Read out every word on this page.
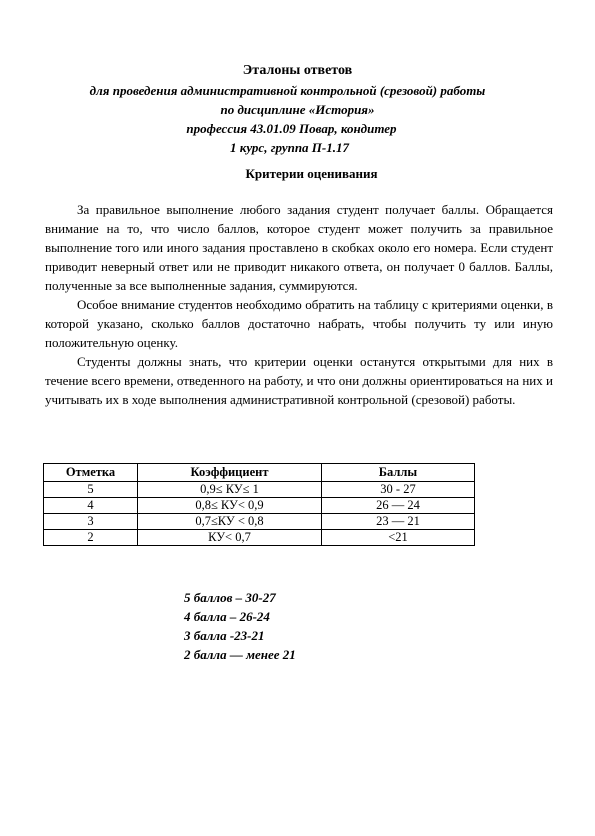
Эталоны ответов
для проведения административной контрольной (срезовой) работы
по дисциплине «История»
профессия 43.01.09 Повар, кондитер
1 курс, группа П-1.17
Критерии оценивания

За правильное выполнение любого задания студент получает баллы. Обращается внимание на то, что число баллов, которое студент может получить за правильное выполнение того или иного задания проставлено в скобках около его номера. Если студент приводит неверный ответ или не приводит никакого ответа, он получает 0 баллов. Баллы, полученные за все выполненные задания, суммируются.

Особое внимание студентов необходимо обратить на таблицу с критериями оценки, в которой указано, сколько баллов достаточно набрать, чтобы получить ту или иную положительную оценку.

Студенты должны знать, что критерии оценки останутся открытыми для них в течение всего времени, отведенного на работу, и что они должны ориентироваться на них и учитывать их в ходе выполнения административной контрольной (срезовой) работы.

Отметка	Коэффициент	Баллы
5	0,9≤ КУ≤ 1	30 - 27
4	0,8≤ КУ< 0,9	26 — 24
3	0,7≤КУ < 0,8	23 — 21
2	КУ< 0,7	<21
5 баллов – 30-27
4 балла – 26-24
3 балла -23-21
2 балла — менее 21
